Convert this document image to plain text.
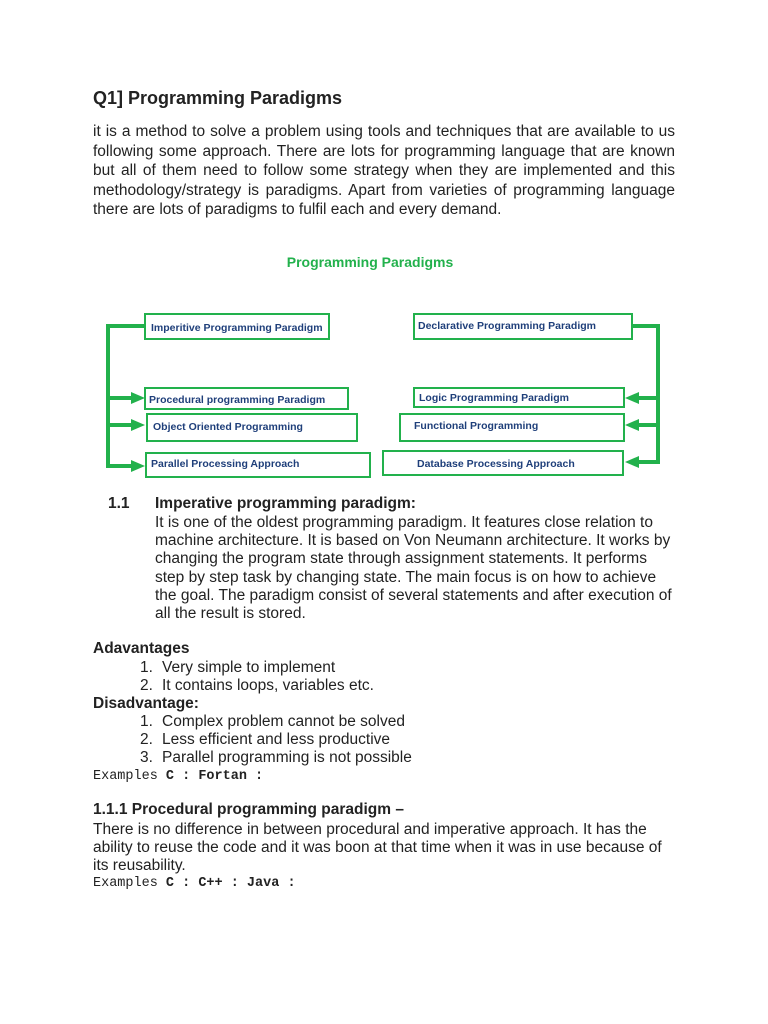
Q1] Programming Paradigms
it is a method to solve a problem using tools and techniques that are available to us following some approach. There are lots for programming language that are known but all of them need to follow some strategy when they are implemented and this methodology/strategy is paradigms. Apart from varieties of programming language there are lots of paradigms to fulfil each and every demand.
Programming Paradigms
Imperitive Programming Paradigm
Procedural programming Paradigm
Object Oriented Programming
Parallel Processing Approach
Declarative Programming Paradigm
Logic Programming Paradigm
Functional Programming
Database Processing Approach
1.1 Imperative programming paradigm:
It is one of the oldest programming paradigm. It features close relation to machine architecture. It is based on Von Neumann architecture. It works by changing the program state through assignment statements. It performs step by step task by changing state. The main focus is on how to achieve the goal. The paradigm consist of several statements and after execution of all the result is stored.
Adavantages
1. Very simple to implement
2. It contains loops, variables etc.
Disadvantage:
1. Complex problem cannot be solved
2. Less efficient and less productive
3. Parallel programming is not possible
Examples C : Fortan :
1.1.1 Procedural programming paradigm –
There is no difference in between procedural and imperative approach. It has the ability to reuse the code and it was boon at that time when it was in use because of its reusability.
Examples C : C++ : Java :
